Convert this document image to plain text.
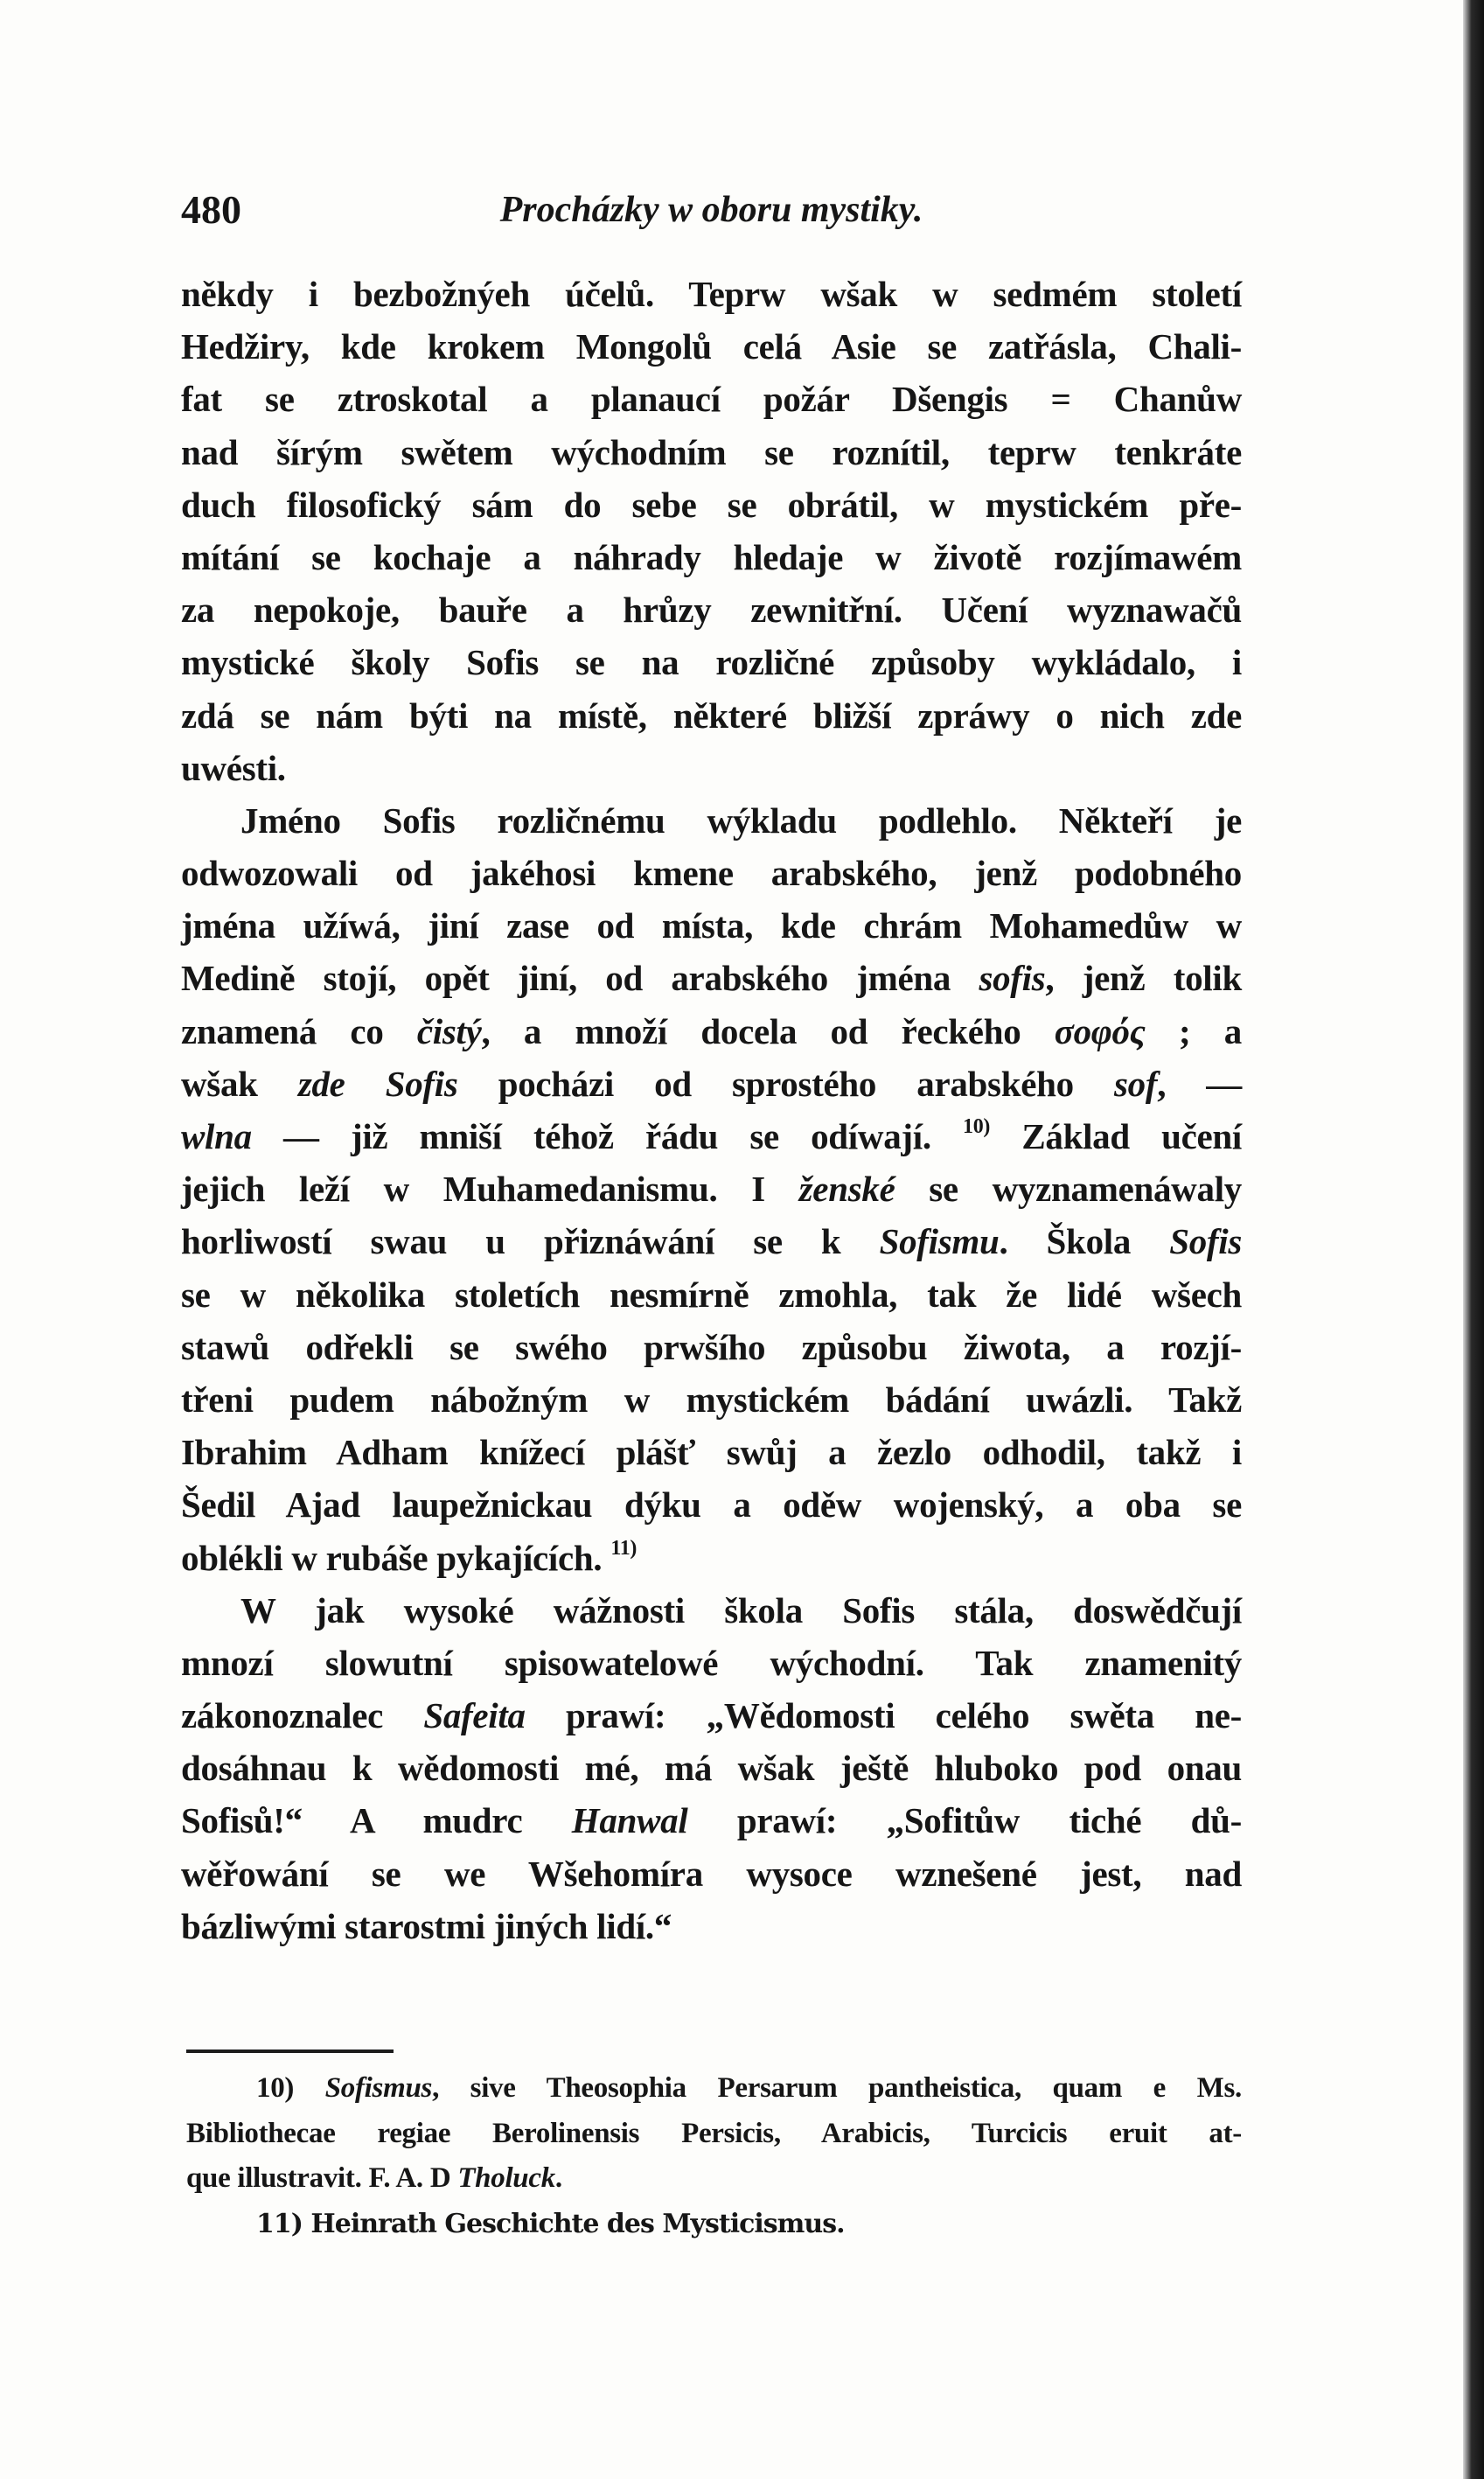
480	Procházky w oboru mystiky.
někdy i bezbožnýeh účelů. Teprw wšak w sedmém století
Hedžiry, kde krokem Mongolů celá Asie se zatřásla, Chali-
fat se ztroskotal a planaucí požár Dšengis = Chanůw
nad šírým swětem wýchodním se roznítil, teprw tenkráte
duch filosofický sám do sebe se obrátil, w mystickém pře-
mítání se kochaje a náhrady hledaje w životě rozjímawém
za nepokoje, bauře a hrůzy zewnitřní. Učení wyznawačů
mystické školy Sofis se na rozličné způsoby wykládalo, i
zdá se nám býti na místě, některé bližší zpráwy o nich zde
uwésti.
Jméno Sofis rozličnému wýkladu podlehlo. Někteří je
odwozowali od jakéhosi kmene arabského, jenž podobného
jména užíwá, jiní zase od místa, kde chrám Mohamedůw w
Medině stojí, opět jiní, od arabského jména sofis, jenž tolik
znamená co čistý, a množí docela od řeckého σοφός ; a
wšak zde Sofis pocházi od sprostého arabského sof, —
wlna — již mniší téhož řádu se odíwají. $^{10)}$ Základ učení
jejich leží w Muhamedanismu. I ženské se wyznamenáwaly
horliwostí swau u přiznáwání se k Sofismu. Škola Sofis
se w několika stoletích nesmírně zmohla, tak že lidé wšech
stawů odřekli se swého prwšího způsobu žiwota, a rozjí-
třeni pudem nábožným w mystickém bádání uwázli. Takž
Ibrahim Adham knížecí plášť swůj a žezlo odhodil, takž i
Šedil Ajad laupežnickau dýku a oděw wojenský, a oba se
oblékli w rubáše pykajících. $^{11)}$
W jak wysoké wážnosti škola Sofis stála, doswědčují
mnozí slowutní spisowatelowé wýchodní. Tak znamenitý
zákonoznalec Safeita prawí: „Wědomosti celého swěta ne-
dosáhnau k wědomosti mé, má wšak ještě hluboko pod onau
Sofisů!“ A mudrc Hanwal prawí: „Sofitůw tiché dů-
wěřowání se we Wšehomíra wysoce wznešené jest, nad
bázliwými starostmi jiných lidí.“
10) Sofismus, sive Theosophia Persarum pantheistica, quam e Ms.
Bibliothecae regiae Berolinensis Persicis, Arabicis, Turcicis eruit at-
que illustravit. F. A. D Tholuck.
11) Heinrath Geschichte des Mysticismus.
